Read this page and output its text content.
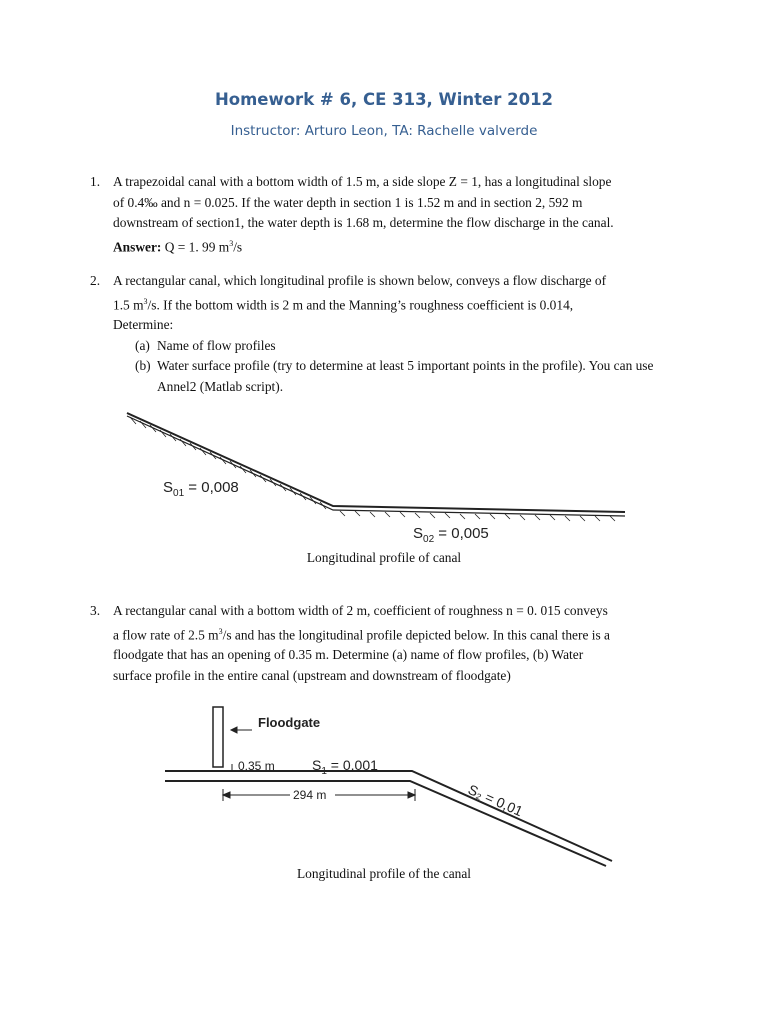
Homework # 6, CE 313, Winter 2012
Instructor: Arturo Leon, TA: Rachelle valverde
1. A trapezoidal canal with a bottom width of 1.5 m, a side slope Z = 1, has a longitudinal slope
of 0.4‰ and n = 0.025. If the water depth in section 1 is 1.52 m and in section 2, 592 m
downstream of section1, the water depth is 1.68 m, determine the flow discharge in the canal.
Answer: Q = 1. 99 $m^3/s$
2. A rectangular canal, which longitudinal profile is shown below, conveys a flow discharge of
1.5 $m^3/s$. If the bottom width is 2 m and the Manning’s roughness coefficient is 0.014,
Determine:
(a) Name of flow profiles
(b) Water surface profile (try to determine at least 5 important points in the profile). You can use Annel2 (Matlab script).
$S_{01} = 0,008$
$S_{02} = 0,005$
Longitudinal profile of canal
3. A rectangular canal with a bottom width of 2 m, coefficient of roughness n = 0. 015 conveys
a flow rate of 2.5 $m^3/s$ and has the longitudinal profile depicted below. In this canal there is a
floodgate that has an opening of 0.35 m. Determine (a) name of flow profiles, (b) Water
surface profile in the entire canal (upstream and downstream of floodgate)
Floodgate
0,35 m	$S_1 = 0,001$
294 m	S₂ = 0,01
Longitudinal profile of the canal
